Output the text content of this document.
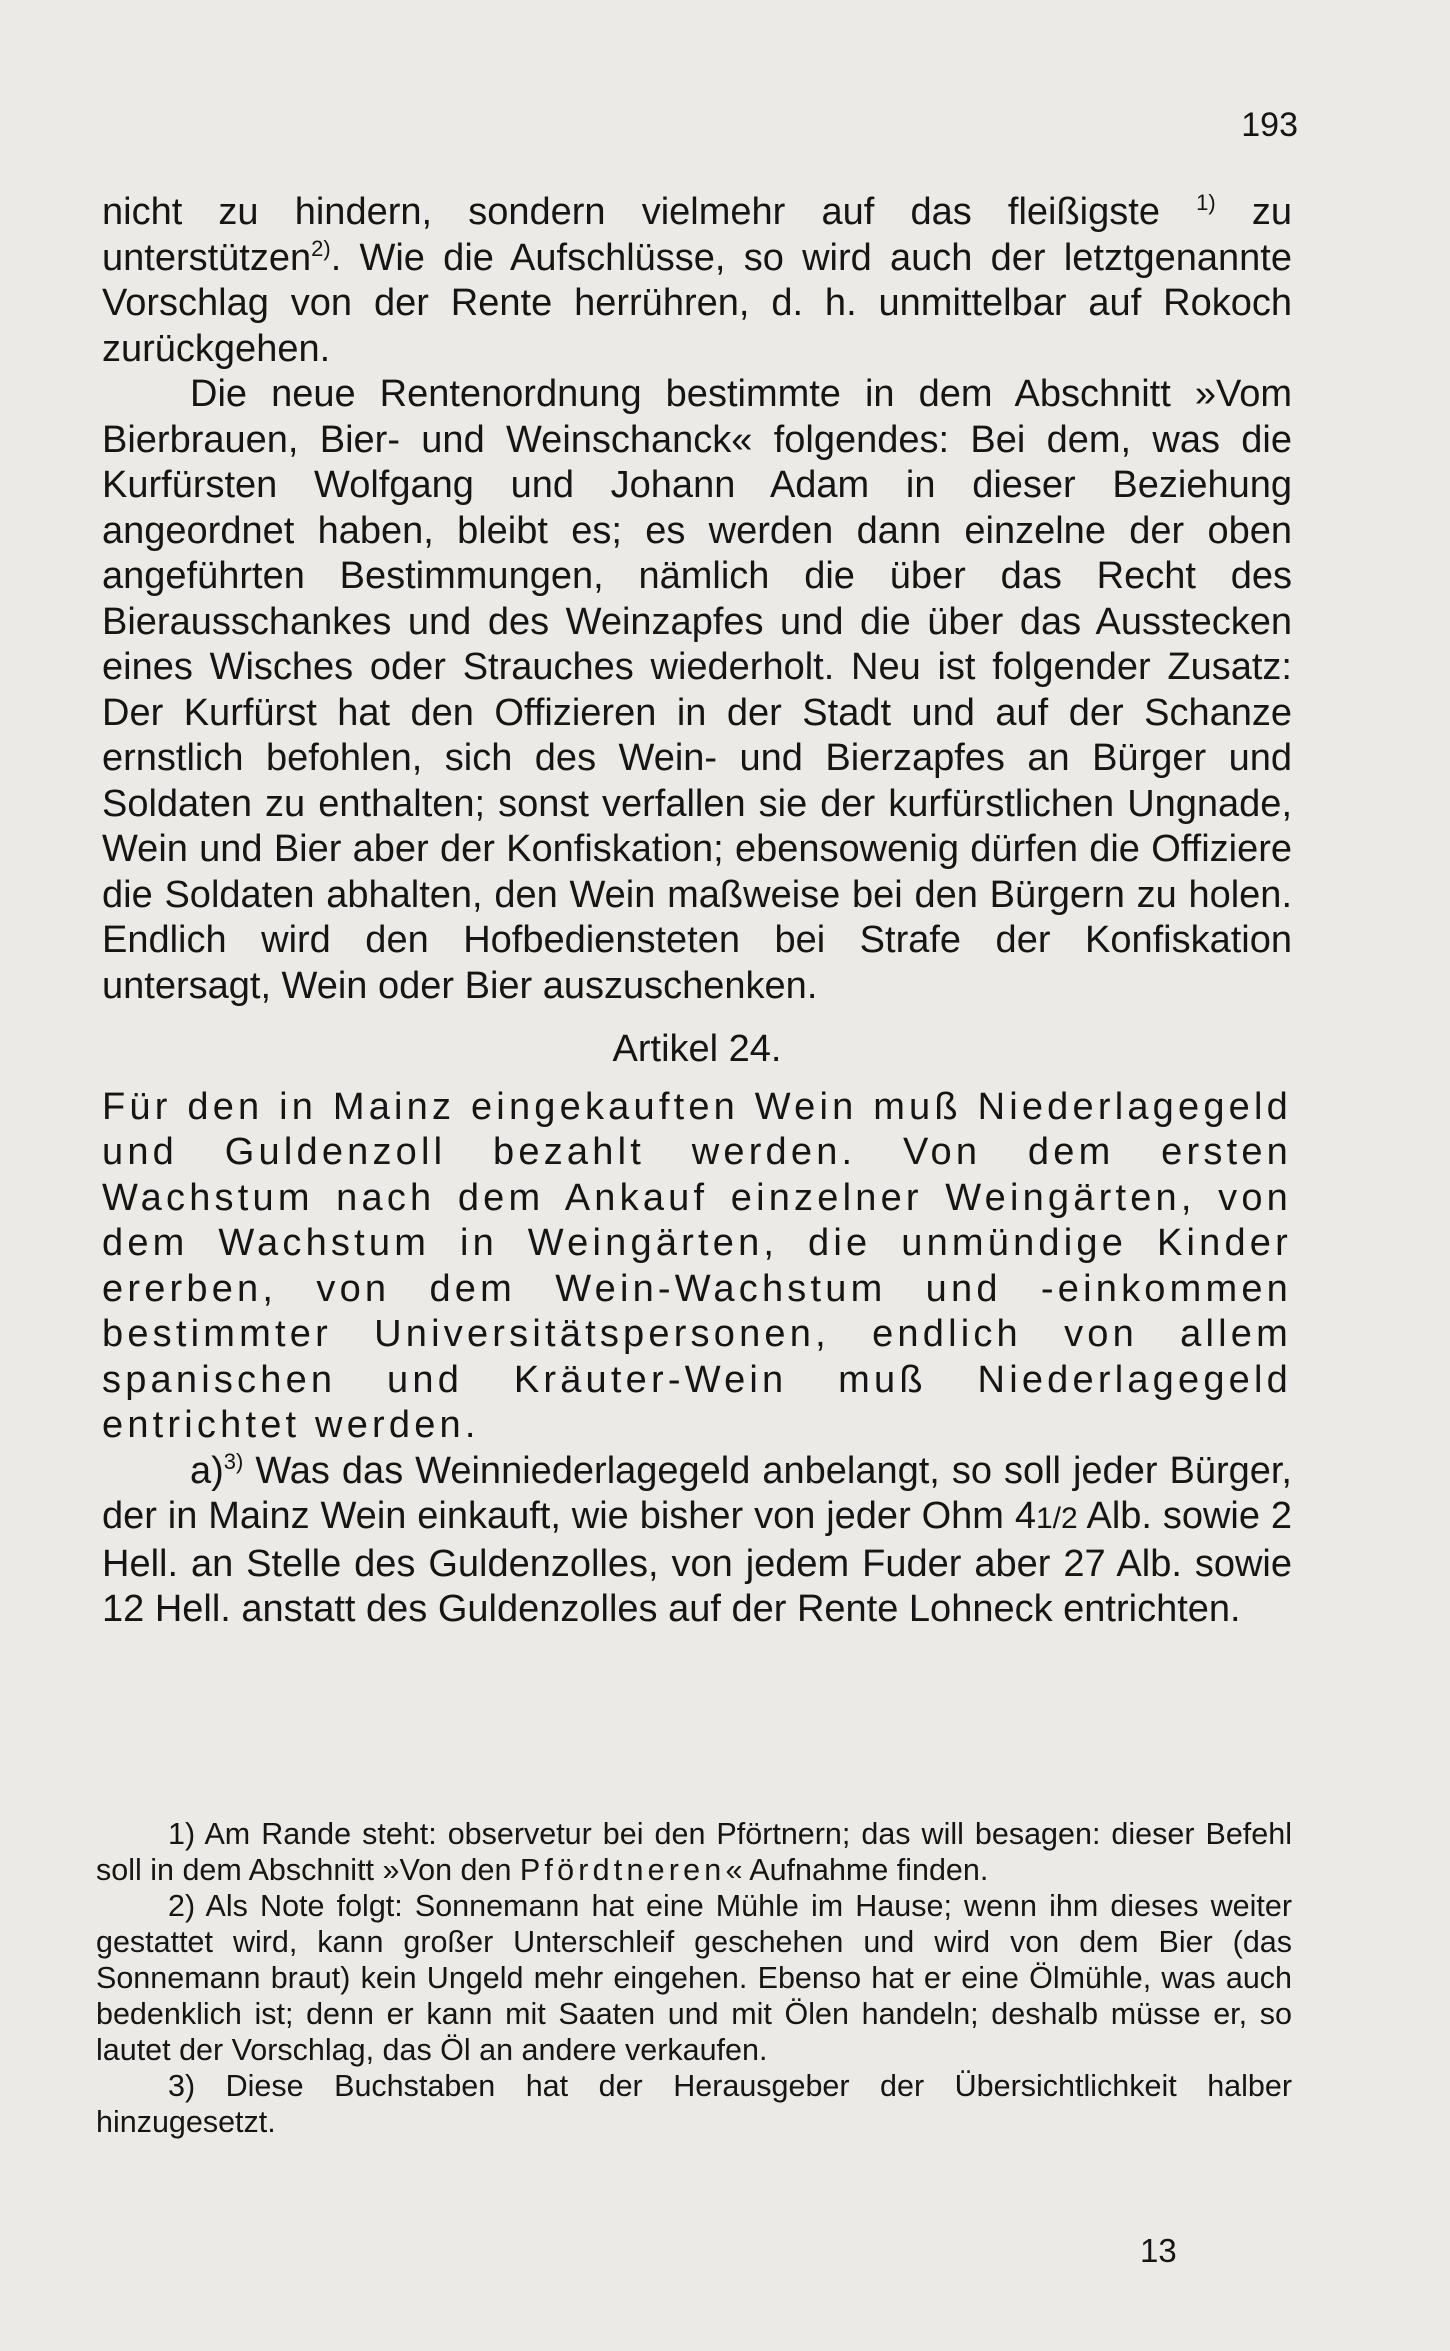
193

nicht zu hindern, sondern vielmehr auf das fleißigste $^{1)}$ zu unterstützen$^{2)}$. Wie die Aufschlüsse, so wird auch der letztgenannte Vorschlag von der Rente herrühren, d. h. unmittelbar auf Rokoch zurückgehen.

Die neue Rentenordnung bestimmte in dem Abschnitt »Vom Bierbrauen, Bier- und Weinschanck« folgendes: Bei dem, was die Kurfürsten Wolfgang und Johann Adam in dieser Beziehung angeordnet haben, bleibt es; es werden dann einzelne der oben angeführten Bestimmungen, nämlich die über das Recht des Bierausschankes und des Weinzapfes und die über das Ausstecken eines Wisches oder Strauches wiederholt. Neu ist folgender Zusatz: Der Kurfürst hat den Offizieren in der Stadt und auf der Schanze ernstlich befohlen, sich des Wein- und Bierzapfes an Bürger und Soldaten zu enthalten; sonst verfallen sie der kurfürstlichen Ungnade, Wein und Bier aber der Konfiskation; ebensowenig dürfen die Offiziere die Soldaten abhalten, den Wein maßweise bei den Bürgern zu holen. Endlich wird den Hofbediensteten bei Strafe der Konfiskation untersagt, Wein oder Bier auszuschenken.

Artikel 24.

Für den in Mainz eingekauften Wein muß Niederlagegeld und Guldenzoll bezahlt werden. Von dem ersten Wachstum nach dem Ankauf einzelner Weingärten, von dem Wachstum in Weingärten, die unmündige Kinder ererben, von dem Wein-Wachstum und -einkommen bestimmter Universitätspersonen, endlich von allem spanischen und Kräuter-Wein muß Niederlagegeld entrichtet werden.

a)$^{3)}$ Was das Weinniederlagegeld anbelangt, so soll jeder Bürger, der in Mainz Wein einkauft, wie bisher von jeder Ohm 41/2 Alb. sowie 2 Hell. an Stelle des Guldenzolles, von jedem Fuder aber 27 Alb. sowie 12 Hell. anstatt des Guldenzolles auf der Rente Lohneck entrichten.

1) Am Rande steht: observetur bei den Pförtnern; das will besagen: dieser Befehl soll in dem Abschnitt »Von den Pfördtneren« Aufnahme finden.

2) Als Note folgt: Sonnemann hat eine Mühle im Hause; wenn ihm dieses weiter gestattet wird, kann großer Unterschleif geschehen und wird von dem Bier (das Sonnemann braut) kein Ungeld mehr eingehen. Ebenso hat er eine Ölmühle, was auch bedenklich ist; denn er kann mit Saaten und mit Ölen handeln; deshalb müsse er, so lautet der Vorschlag, das Öl an andere verkaufen.

3) Diese Buchstaben hat der Herausgeber der Übersichtlichkeit halber hinzugesetzt.

13
